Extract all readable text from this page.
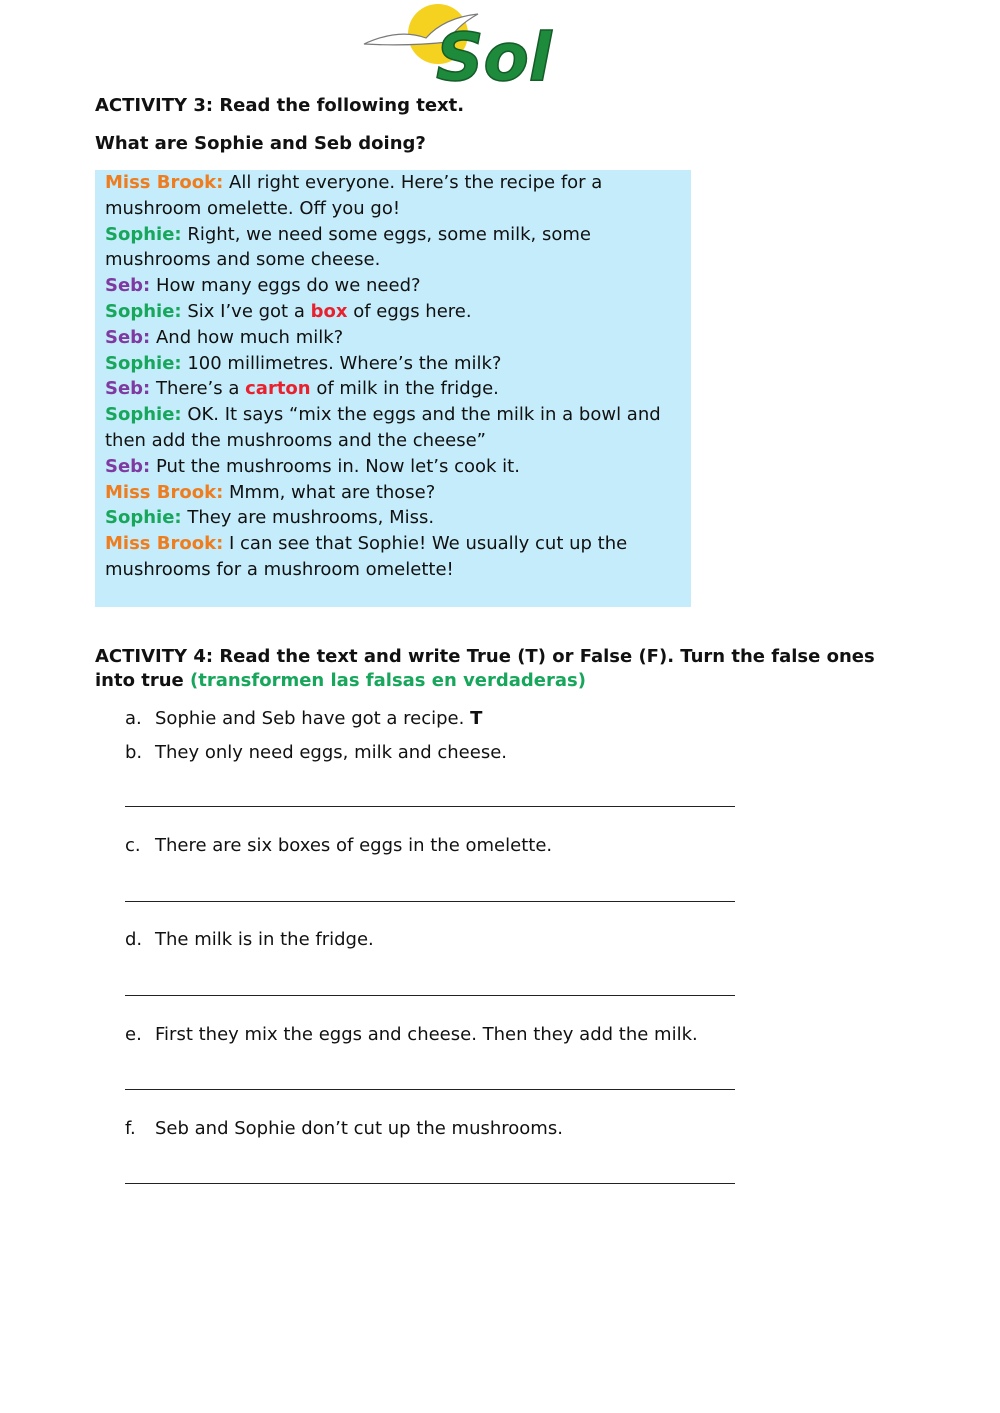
Sol
ACTIVITY 3: Read the following text.
What are Sophie and Seb doing?
Miss Brook: All right everyone. Here’s the recipe for a
mushroom omelette. Off you go!
Sophie: Right, we need some eggs, some milk, some
mushrooms and some cheese.
Seb: How many eggs do we need?
Sophie: Six I’ve got a box of eggs here.
Seb: And how much milk?
Sophie: 100 millimetres. Where’s the milk?
Seb: There’s a carton of milk in the fridge.
Sophie: OK. It says “mix the eggs and the milk in a bowl and
then add the mushrooms and the cheese”
Seb: Put the mushrooms in. Now let’s cook it.
Miss Brook: Mmm, what are those?
Sophie: They are mushrooms, Miss.
Miss Brook: I can see that Sophie! We usually cut up the
mushrooms for a mushroom omelette!
ACTIVITY 4: Read the text and write True (T) or False (F). Turn the false ones into true (transformen las falsas en verdaderas)
a. Sophie and Seb have got a recipe. T
b. They only need eggs, milk and cheese.
c. There are six boxes of eggs in the omelette.
d. The milk is in the fridge.
e. First they mix the eggs and cheese. Then they add the milk.
f. Seb and Sophie don’t cut up the mushrooms.
